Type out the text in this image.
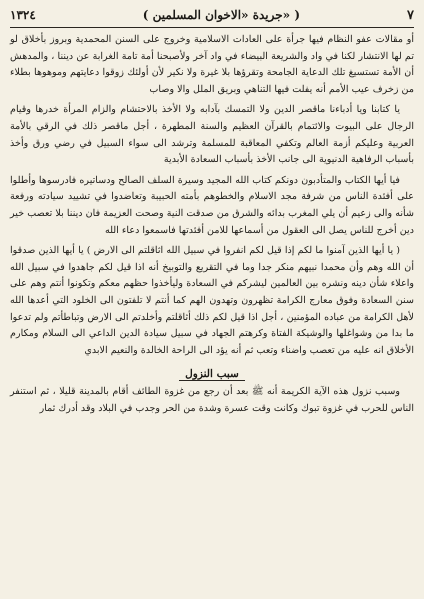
١٣٢٤	( جريدة «الاخوان المسلمين» )	٧

أو مقالات عفو النظام فيها جرأة على العادات الاسلامية وخروج على السنن المحمدية وبروز بأخلاق لو تم لها الانتشار لكنا في واد والشريعة البيضاء في واد آخر ولأصبحنا أمة تامة الغرابة عن ديننا ، والمدهش أن الأمة تستسيغ تلك الدعاية الجامحة وتقرؤها بلا غيرة ولا نكير لأن أولئك زوقوا دعايتهم وموهوها بطلاء من زخرف عيب الأمم أنه يفلت فيها التناهي وبريق الملل والا وصاب

يا كتابنا ويا أدباءنا ماقصر الدين ولا التمسك بآدابه ولا الأخذ بالاحتشام والزام المرأة خدرها وقيام الرجال على البيوت والائتمام بالقرآن العظيم والسنة المطهرة ، أجل ماقصر ذلك في الرقي بالأمة العربية وعليكم أزمة العالم وتكفي المعاقبة للمسلمة وترشد الى سواء السبيل في رضي ورق وأخذ بأسباب الرفاهية الدنيوية الى جانب الأخذ بأسباب السعادة الأبدية

فيا أيها الكتاب والمتأدبون دونكم كتاب الله المجيد وسيرة السلف الصالح ودساتيره فادرسوها وأطلوا على أفئدة الناس من شرفة مجد الاسلام والخطوهم بأمته الحبيبة وتعاضدوا في تشييد سيادته ورفعة شأنه والى زعيم أن يلي المغرب بدائه والشرق من صدقت النية وصحت العزيمة فان ديننا بلا تعصب خير دين أخرج للناس يصل الى العقول من أسماعها للامن أفئدتها فاسمعوا دعاء الله

( يا أيها الذين آمنوا ما لكم إذا قيل لكم انفروا في سبيل الله اثاقلتم الى الارض ) يا أيها الذين صدقوا أن الله وهم وأن محمدا نبيهم منكر جدا وما في التقريع والتوبيخ أنه اذا قيل لكم جاهدوا في سبيل الله واعلاء شأن دينه ونشره بين العالمين ليشركم في السعادة وليأخذوا حظهم معكم وتكونوا أنتم وهم على سنن السعادة وفوق معارج الكرامة تظهرون وتهدون الهم كما أنتم لا تلفتون الى الخلود التي أعدها الله لأهل الكرامة من عباده المؤمنين ، أجل اذا قيل لكم ذلك أثاقلتم وأخلدتم الى الارض وتباطأتم ولم تدعوا ما بدا من وشواغلها والوشيكة الفتاة وكرهتم الجهاد في سبيل سيادة الدين الداعي الى السلام ومكارم الأخلاق انه عليه من تعصب واضناء وتعب ثم أنه يؤد الى الراحة الخالدة والنعيم الابدي

سبب النزول

وسبب نزول هذه الآية الكريمة أنه ﷺ بعد أن رجع من غزوة الطائف أقام بالمدينة قليلا ، ثم استنفر الناس للحرب في غزوة تبوك وكانت وقت عسرة وشدة من الحر وجدب في البلاد وقد أدرك ثمار
